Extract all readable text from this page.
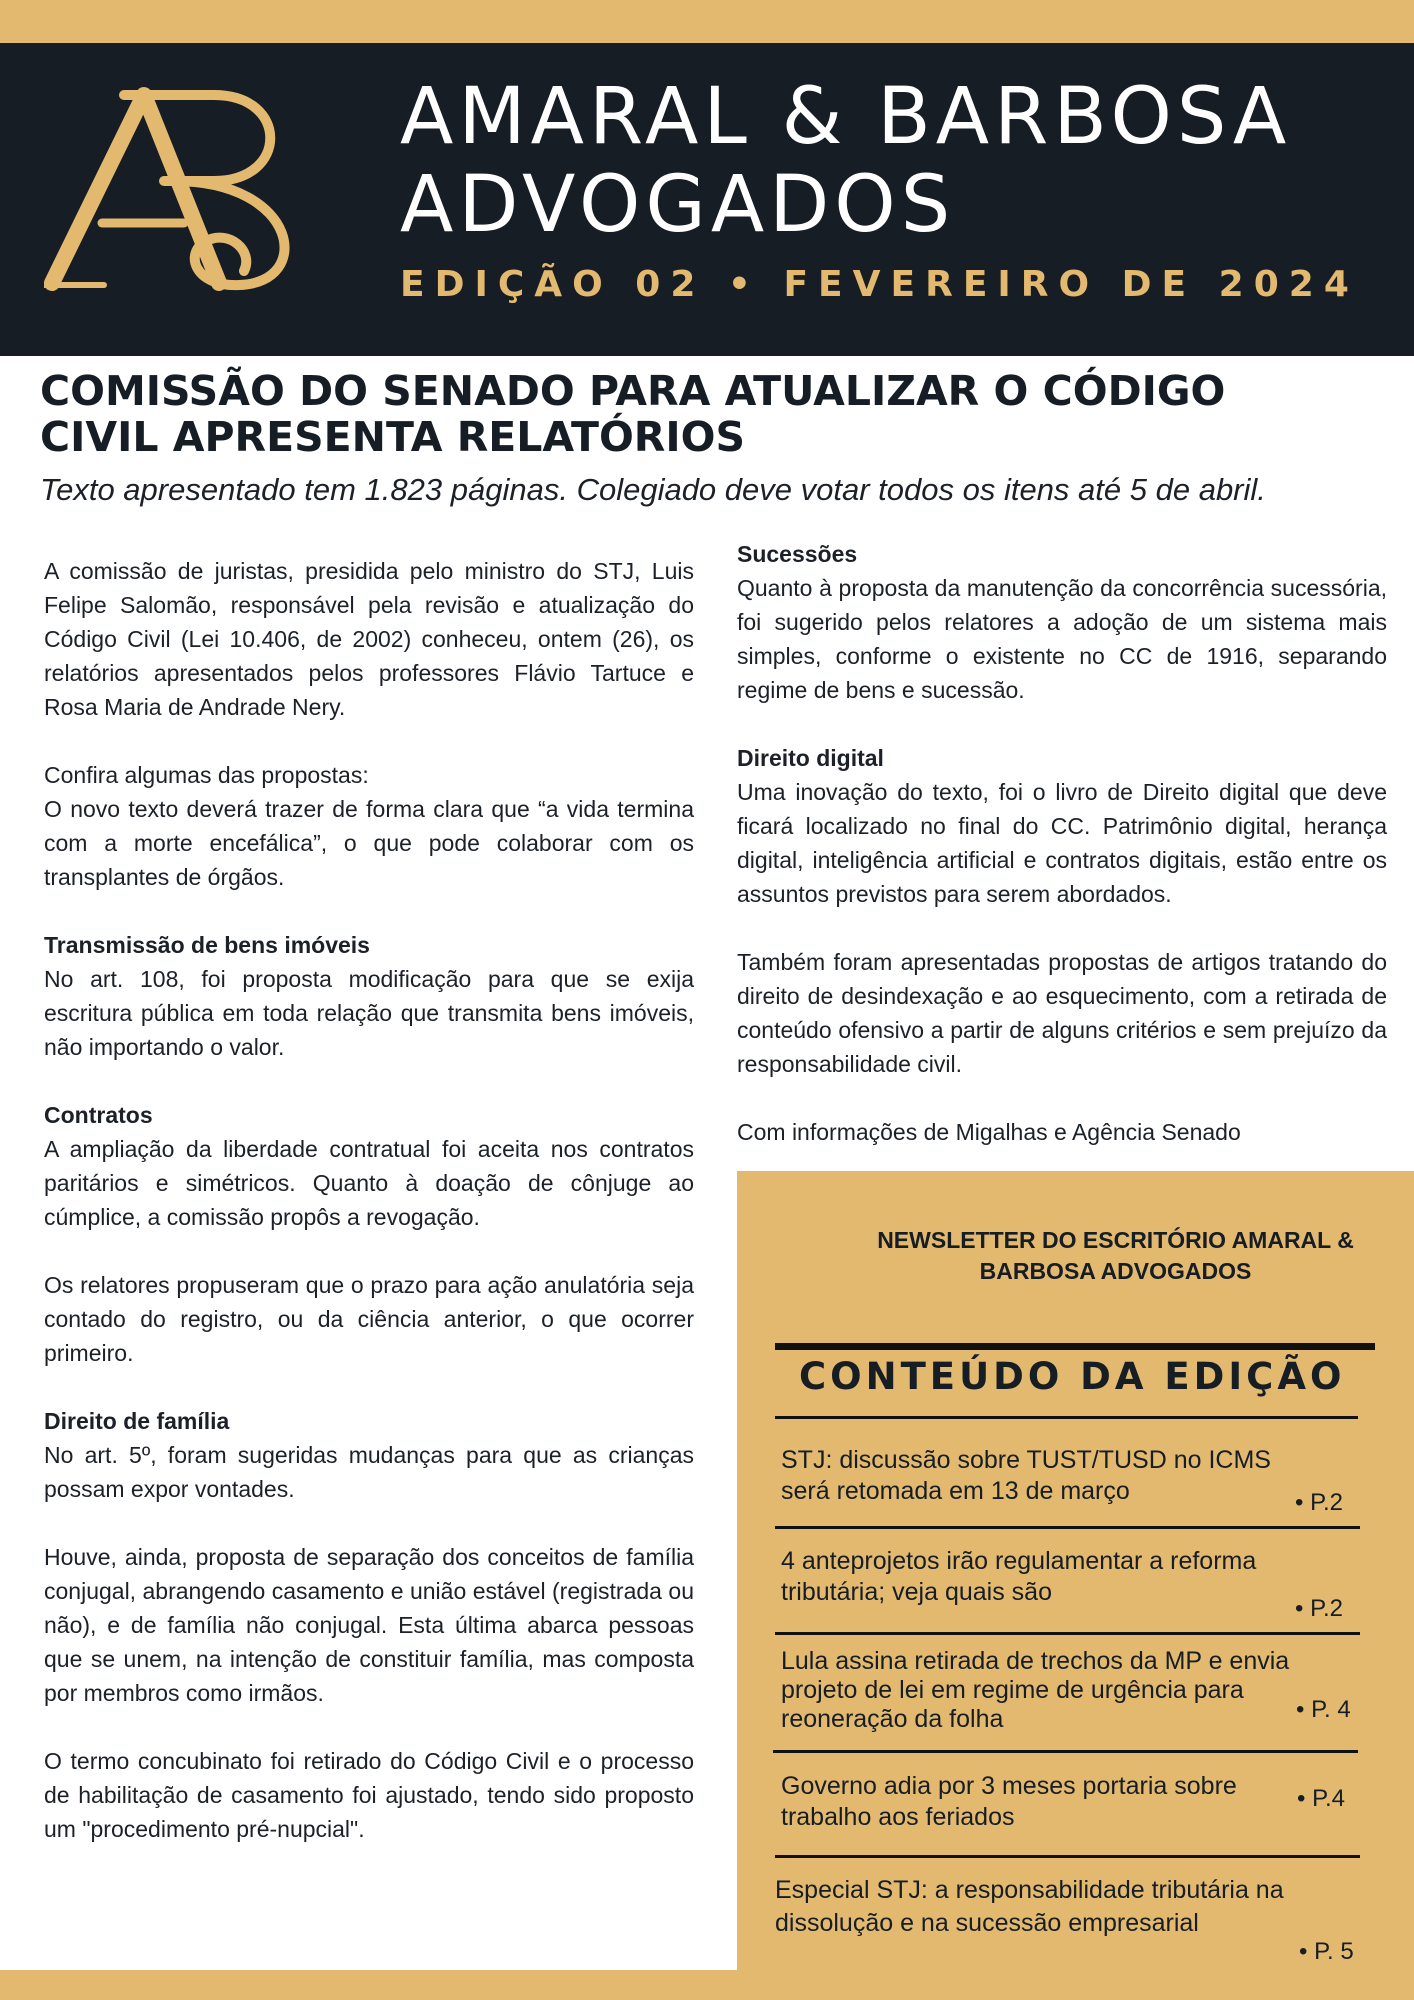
AMARAL & BARBOSA
ADVOGADOS
EDIÇÃO 02 • FEVEREIRO DE 2024
COMISSÃO DO SENADO PARA ATUALIZAR O CÓDIGO
CIVIL APRESENTA RELATÓRIOS
Texto apresentado tem 1.823 páginas. Colegiado deve votar todos os itens até 5 de abril.

A comissão de juristas, presidida pelo ministro do STJ, Luis Felipe Salomão, responsável pela revisão e atualização do Código Civil (Lei 10.406, de 2002) conheceu, ontem (26), os relatórios apresentados pelos professores Flávio Tartuce e Rosa Maria de Andrade Nery.

Confira algumas das propostas:

O novo texto deverá trazer de forma clara que “a vida termina com a morte encefálica”, o que pode colaborar com os transplantes de órgãos.

Transmissão de bens imóveis

No art. 108, foi proposta modificação para que se exija escritura pública em toda relação que transmita bens imóveis, não importando o valor.

Contratos

A ampliação da liberdade contratual foi aceita nos contratos paritários e simétricos. Quanto à doação de cônjuge ao cúmplice, a comissão propôs a revogação.

Os relatores propuseram que o prazo para ação anulatória seja contado do registro, ou da ciência anterior, o que ocorrer primeiro.

Direito de família

No art. 5º, foram sugeridas mudanças para que as crianças possam expor vontades.

Houve, ainda, proposta de separação dos conceitos de família conjugal, abrangendo casamento e união estável (registrada ou não), e de família não conjugal. Esta última abarca pessoas que se unem, na intenção de constituir família, mas composta por membros como irmãos.

O termo concubinato foi retirado do Código Civil e o processo de habilitação de casamento foi ajustado, tendo sido proposto um "procedimento pré-nupcial".

Sucessões

Quanto à proposta da manutenção da concorrência sucessória, foi sugerido pelos relatores a adoção de um sistema mais simples, conforme o existente no CC de 1916, separando regime de bens e sucessão.

Direito digital

Uma inovação do texto, foi o livro de Direito digital que deve ficará localizado no final do CC. Patrimônio digital, herança digital, inteligência artificial e contratos digitais, estão entre os assuntos previstos para serem abordados.

Também foram apresentadas propostas de artigos tratando do direito de desindexação e ao esquecimento, com a retirada de conteúdo ofensivo a partir de alguns critérios e sem prejuízo da responsabilidade civil.

Com informações de Migalhas e Agência Senado

NEWSLETTER DO ESCRITÓRIO AMARAL & BARBOSA ADVOGADOS
CONTEÚDO DA EDIÇÃO
STJ: discussão sobre TUST/TUSD no ICMS será retomada em 13 de março	• P.2
4 anteprojetos irão regulamentar a reforma tributária; veja quais são
• P.2
Lula assina retirada de trechos da MP e envia projeto de lei em regime de urgência para reoneração da folha	• P. 4
Governo adia por 3 meses portaria sobre trabalho aos feriados
• P.4
Especial STJ: a responsabilidade tributária na dissolução e na sucessão empresarial
• P. 5
